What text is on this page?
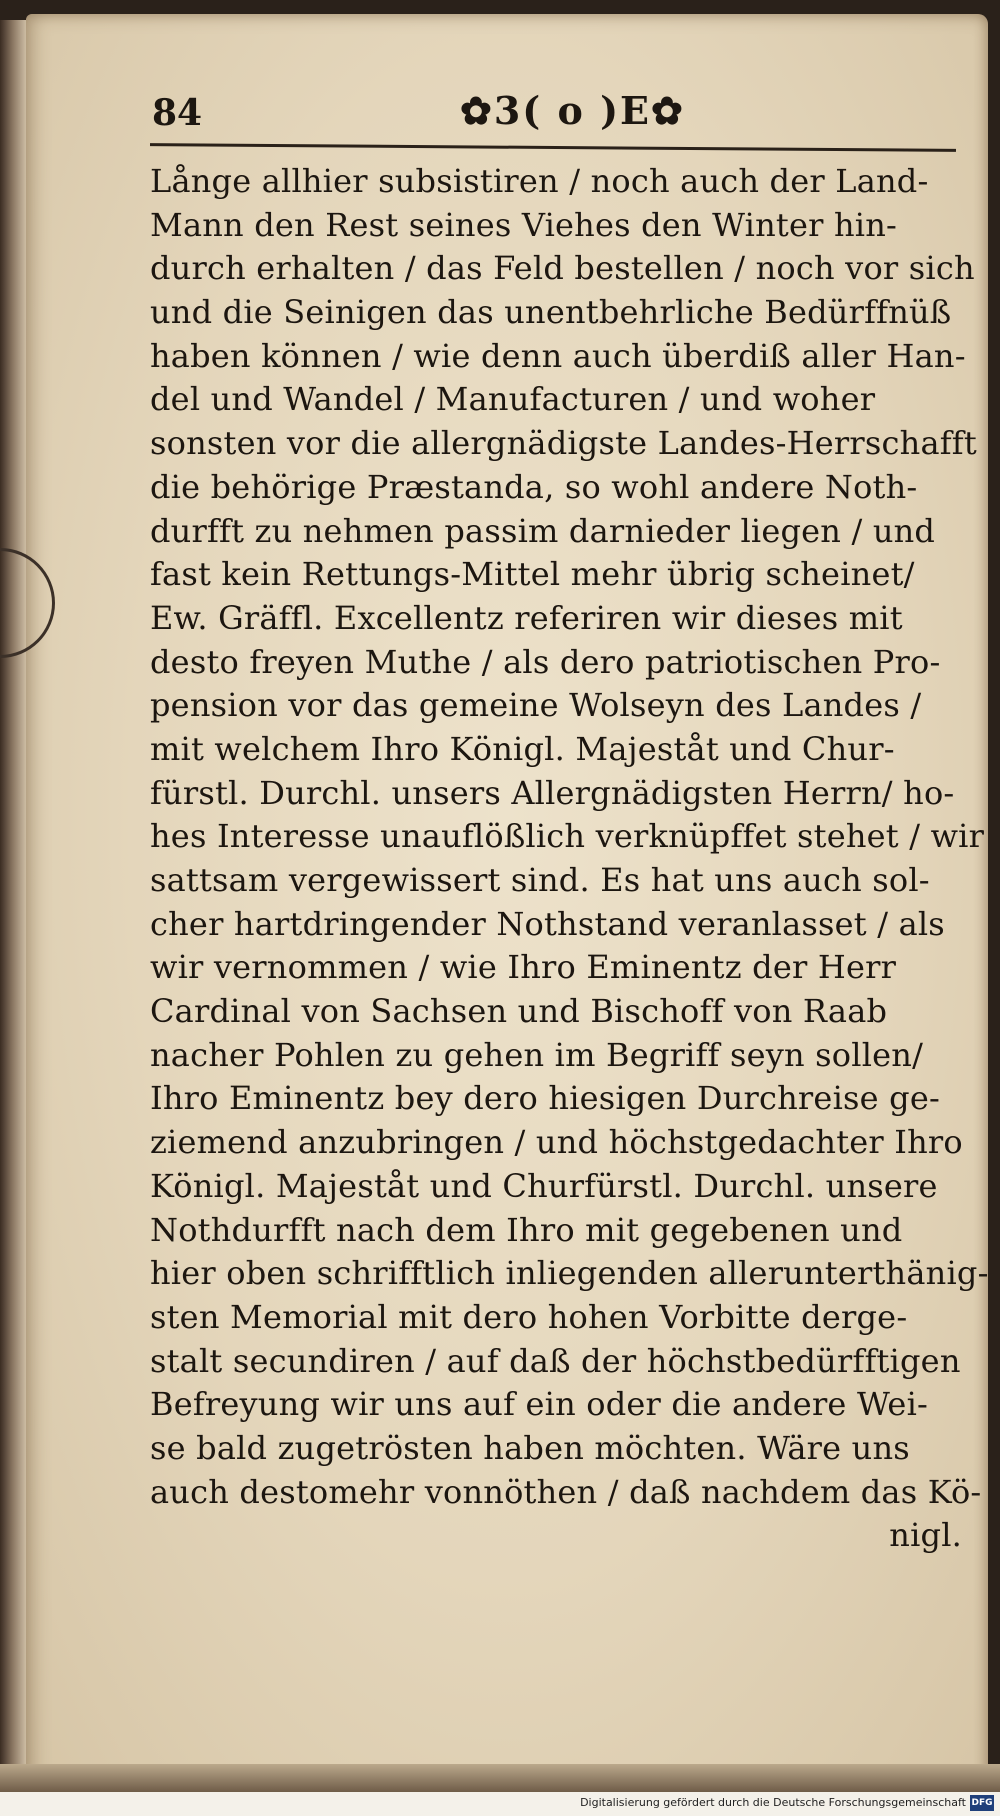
84	✿3( o )E✿
Långe allhier subsistiren / noch auch der Land-
Mann den Rest seines Viehes den Winter hin-
durch erhalten / das Feld bestellen / noch vor sich
und die Seinigen das unentbehrliche Bedürffnüß
haben können / wie denn auch überdiß aller Han-
del und Wandel / Manufacturen / und woher
sonsten vor die allergnädigste Landes-Herrschafft
die behörige Præstanda, so wohl andere Noth-
durfft zu nehmen passim darnieder liegen / und
fast kein Rettungs-Mittel mehr übrig scheinet/
Ew. Gräffl. Excellentz referiren wir dieses mit
desto freyen Muthe / als dero patriotischen Pro-
pension vor das gemeine Wolseyn des Landes /
mit welchem Ihro Königl. Majeståt und Chur-
fürstl. Durchl. unsers Allergnädigsten Herrn/ ho-
hes Interesse unauflößlich verknüpffet stehet / wir
sattsam vergewissert sind. Es hat uns auch sol-
cher hartdringender Nothstand veranlasset / als
wir vernommen / wie Ihro Eminentz der Herr
Cardinal von Sachsen und Bischoff von Raab
nacher Pohlen zu gehen im Begriff seyn sollen/
Ihro Eminentz bey dero hiesigen Durchreise ge-
ziemend anzubringen / und höchstgedachter Ihro
Königl. Majeståt und Churfürstl. Durchl. unsere
Nothdurfft nach dem Ihro mit gegebenen und
hier oben schrifftlich inliegenden allerunterthänig-
sten Memorial mit dero hohen Vorbitte derge-
stalt secundiren / auf daß der höchstbedürfftigen
Befreyung wir uns auf ein oder die andere Wei-
se bald zugetrösten haben möchten. Wäre uns
auch destomehr vonnöthen / daß nachdem das Kö-
nigl.
Digitalisierung gefördert durch die Deutsche Forschungsgemeinschaft DFG
